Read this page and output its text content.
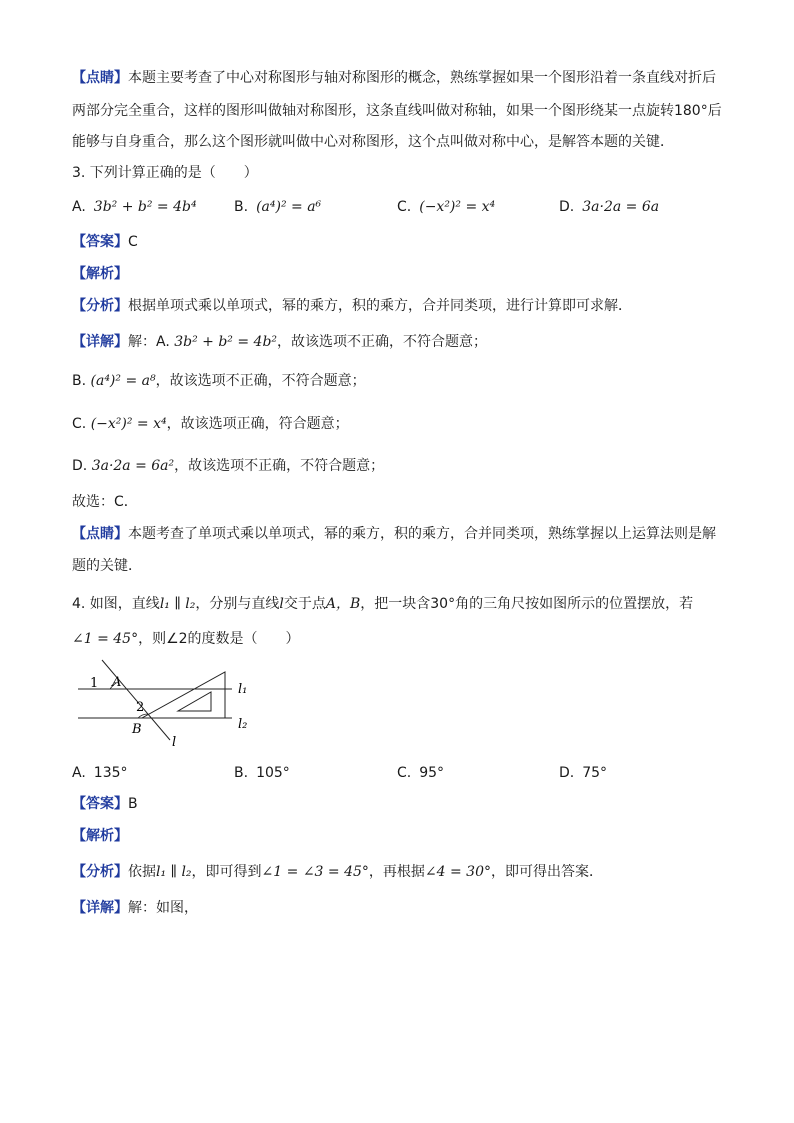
【点睛】本题主要考查了中心对称图形与轴对称图形的概念，熟练掌握如果一个图形沿着一条直线对折后
两部分完全重合，这样的图形叫做轴对称图形，这条直线叫做对称轴，如果一个图形绕某一点旋转180°后
能够与自身重合，那么这个图形就叫做中心对称图形，这个点叫做对称中心，是解答本题的关键．
3. 下列计算正确的是（　　）
A. 3b² + b² = 4b⁴	B. (a⁴)² = a⁶	C. (−x²)² = x⁴	D. 3a·2a = 6a
【答案】C
【解析】
【分析】根据单项式乘以单项式，幂的乘方，积的乘方，合并同类项，进行计算即可求解．
【详解】解：A. 3b² + b² = 4b²，故该选项不正确，不符合题意；
B. (a⁴)² = a⁸，故该选项不正确，不符合题意；
C. (−x²)² = x⁴，故该选项正确，符合题意；
D. 3a·2a = 6a²，故该选项不正确，不符合题意；
故选：C．
【点睛】本题考查了单项式乘以单项式，幂的乘方，积的乘方，合并同类项，熟练掌握以上运算法则是解
题的关键．
4. 如图，直线l₁ ∥ l₂，分别与直线l交于点A，B，把一块含30°角的三角尺按如图所示的位置摆放，若
∠1 = 45°，则∠2的度数是（　　）
1 A
2
B
l
l₁
l₂
A. 135°	B. 105°	C. 95°	D. 75°
【答案】B
【解析】
【分析】依据l₁ ∥ l₂，即可得到∠1 = ∠3 = 45°，再根据∠4 = 30°，即可得出答案．
【详解】解：如图，
